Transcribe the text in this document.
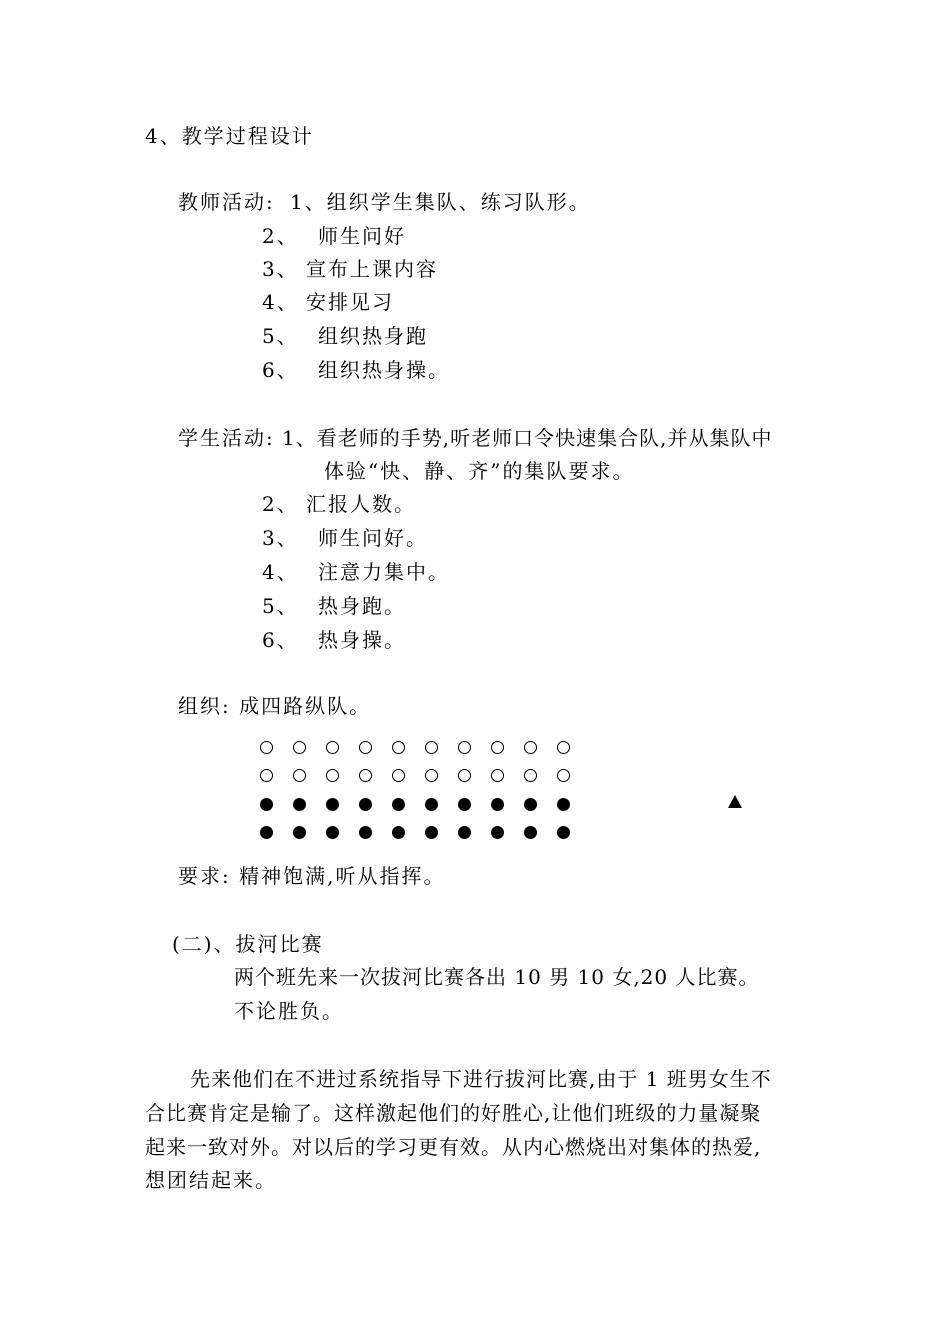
4、教学过程设计
教师活动: 1、组织学生集队、练习队形。
2、 师生问好
3、 宣布上课内容
4、 安排见习
5、 组织热身跑
6、 组织热身操。
学生活动: 1、看老师的手势,听老师口令快速集合队,并从集队中
体验“快、静、齐”的集队要求。
2、 汇报人数。
3、 师生问好。
4、 注意力集中。
5、 热身跑。
6、 热身操。
组织: 成四路纵队。
要求: 精神饱满,听从指挥。
(二)、拔河比赛
两个班先来一次拔河比赛各出 10 男 10 女,20 人比赛。
不论胜负。
先来他们在不进过系统指导下进行拔河比赛,由于 1 班男女生不
合比赛肯定是输了。这样激起他们的好胜心,让他们班级的力量凝聚
起来一致对外。对以后的学习更有效。从内心燃烧出对集体的热爱,
想团结起来。
